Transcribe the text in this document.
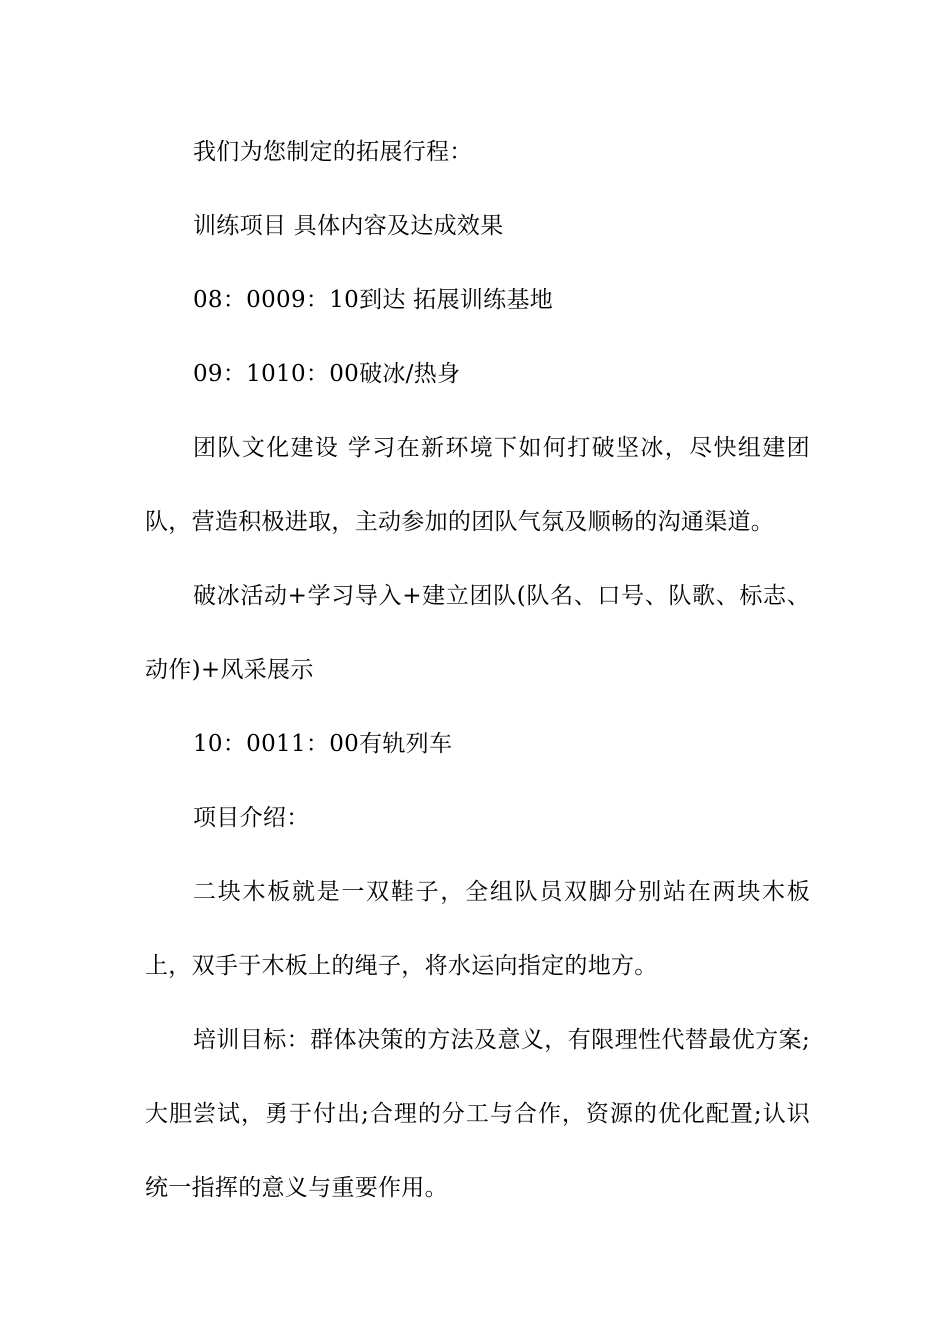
我们为您制定的拓展行程：

训练项目 具体内容及达成效果

08：0009：10到达 拓展训练基地

09：1010：00破冰/热身

团队文化建设 学习在新环境下如何打破坚冰，尽快组建团队，营造积极进取，主动参加的团队气氛及顺畅的沟通渠道。

破冰活动+学习导入+建立团队(队名、口号、队歌、标志、动作)+风采展示

10：0011：00有轨列车

项目介绍：

二块木板就是一双鞋子，全组队员双脚分别站在两块木板上，双手于木板上的绳子，将水运向指定的地方。

培训目标：群体决策的方法及意义，有限理性代替最优方案;大胆尝试，勇于付出;合理的分工与合作，资源的优化配置;认识统一指挥的意义与重要作用。
